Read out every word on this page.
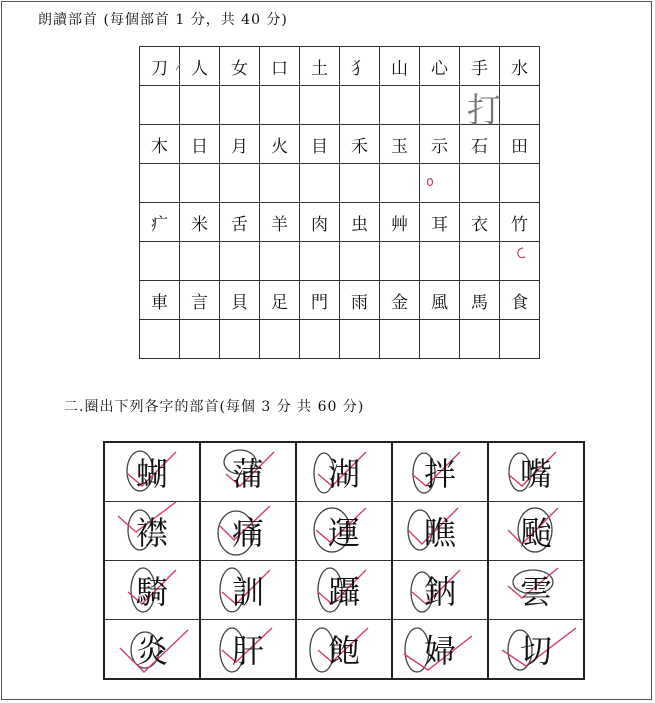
朗讀部首 (每個部首 1 分，共 40 分)
刀	人	女	口	土	犭	山	心	手	水

木	日	月	火	目	禾	玉	示	石	田

疒	米	舌	羊	肉	虫	艸	耳	衣	竹

車	言	貝	足	門	雨	金	風	馬	食

打
二.圈出下列各字的部首(每個 3 分 共 60 分)
蝴	蒲	湖	拌	嘴
襟	痛	運	瞧	颱
騎	訓	躡	鈉	雲
炎	肝	飽	婦	切
